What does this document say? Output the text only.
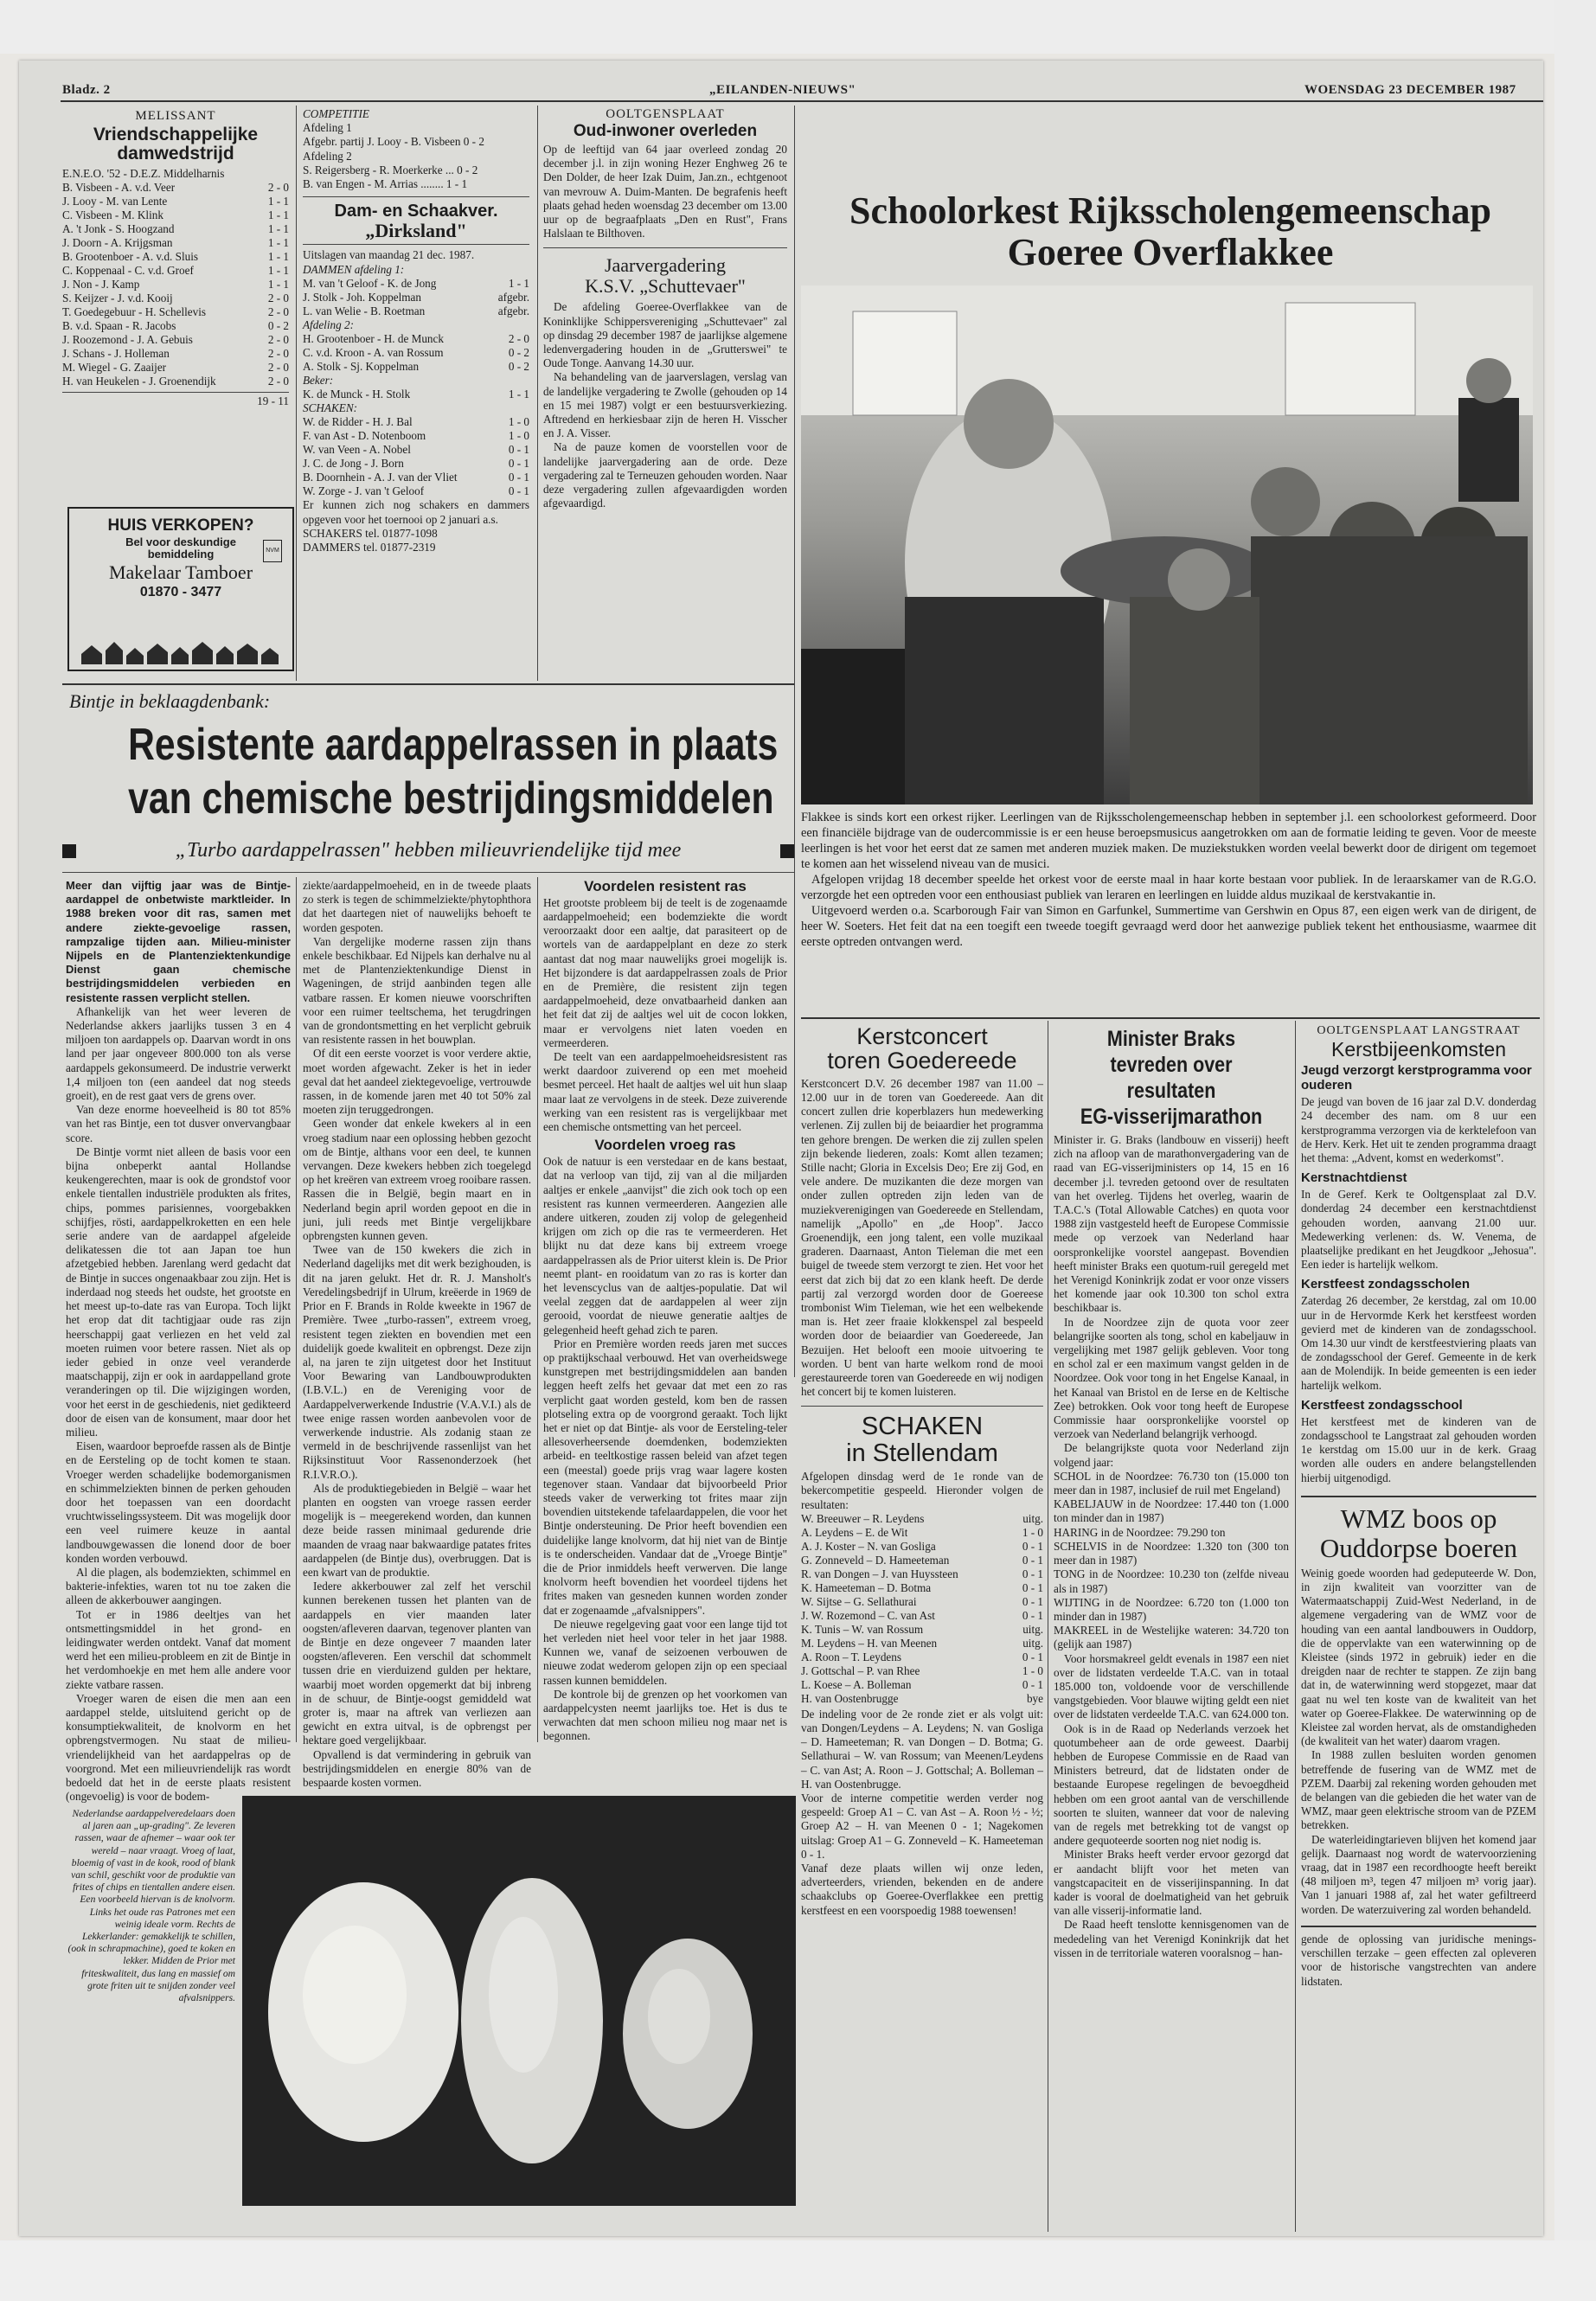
Bladz. 2	„EILANDEN-NIEUWS"	WOENSDAG 23 DECEMBER 1987
MELISSANT
Vriendschappelijke damwedstrijd
E.N.E.O. '52 - D.E.Z. Middelharnis
B. Visbeen - A. v.d. Veer	2 - 0
J. Looy - M. van Lente	1 - 1
C. Visbeen - M. Klink	1 - 1
A. 't Jonk - S. Hoogzand	1 - 1
J. Doorn - A. Krijgsman	1 - 1
B. Grootenboer - A. v.d. Sluis	1 - 1
C. Koppenaal - C. v.d. Groef	1 - 1
J. Non - J. Kamp	1 - 1
S. Keijzer - J. v.d. Kooij	2 - 0
T. Goedegebuur - H. Schellevis	2 - 0
B. v.d. Spaan - R. Jacobs	0 - 2
J. Roozemond - J. A. Gebuis	2 - 0
J. Schans - J. Holleman	2 - 0
M. Wiegel - G. Zaaijer	2 - 0
H. van Heukelen - J. Groenendijk	2 - 0
19 - 11
HUIS VERKOPEN?
Bel voor deskundige
bemiddeling	NVM
Makelaar Tamboer
01870 - 3477
COMPETITIE
Afdeling 1
Afgebr. partij J. Looy - B. Visbeen 0 - 2
Afdeling 2
S. Reigersberg - R. Moerkerke ... 0 - 2
B. van Engen - M. Arrias ........ 1 - 1
Dam- en Schaakver.
„Dirksland"
Uitslagen van maandag 21 dec. 1987.
DAMMEN afdeling 1:
M. van 't Geloof - K. de Jong	1 - 1
J. Stolk - Joh. Koppelman	afgebr.
L. van Welie - B. Roetman	afgebr.
Afdeling 2:
H. Grootenboer - H. de Munck	2 - 0
C. v.d. Kroon - A. van Rossum	0 - 2
A. Stolk - Sj. Koppelman	0 - 2
Beker:
K. de Munck - H. Stolk	1 - 1
SCHAKEN:
W. de Ridder - H. J. Bal	1 - 0
F. van Ast - D. Notenboom	1 - 0
W. van Veen - A. Nobel	0 - 1
J. C. de Jong - J. Born	0 - 1
B. Doornhein - A. J. van der Vliet	0 - 1
W. Zorge - J. van 't Geloof	0 - 1
Er kunnen zich nog schakers en dammers opgeven voor het toernooi op 2 januari a.s.
SCHAKERS tel. 01877-1098
DAMMERS tel. 01877-2319
OOLTGENSPLAAT
Oud-inwoner overleden

Op de leeftijd van 64 jaar overleed zondag 20 december j.l. in zijn woning Hezer Enghweg 26 te Den Dolder, de heer Izak Duim, Jan.zn., echtgenoot van mevrouw A. Duim-Manten. De begrafenis heeft plaats gehad heden woensdag 23 december om 13.00 uur op de begraafplaats „Den en Rust", Frans Halslaan te Bilthoven.

Jaarvergadering
K.S.V. „Schuttevaer"

De afdeling Goeree-Overflakkee van de Koninklijke Schippersvereniging „Schuttevaer" zal op dinsdag 29 december 1987 de jaarlijkse algemene ledenvergadering houden in de „Grutterswei" te Oude Tonge. Aanvang 14.30 uur.

Na behandeling van de jaarverslagen, verslag van de landelijke vergadering te Zwolle (gehouden op 14 en 15 mei 1987) volgt er een bestuursverkiezing. Aftredend en herkiesbaar zijn de heren H. Visscher en J. A. Visser.

Na de pauze komen de voorstellen voor de landelijke jaarvergadering aan de orde. Deze vergadering zal te Terneuzen gehouden worden. Naar deze vergadering zullen afgevaardigden worden afgevaardigd.

Schoolorkest Rijksscholengemeenschap
Goeree Overflakkee

Flakkee is sinds kort een orkest rijker. Leerlingen van de Rijksscholengemeenschap hebben in september j.l. een schoolorkest geformeerd. Door een financiële bijdrage van de oudercommissie is er een heuse beroepsmusicus aangetrokken om aan de formatie leiding te geven. Voor de meeste leerlingen is het voor het eerst dat ze samen met anderen muziek maken. De muziekstukken worden veelal bewerkt door de dirigent om tegemoet te komen aan het wisselend niveau van de musici.

Afgelopen vrijdag 18 december speelde het orkest voor de eerste maal in haar korte bestaan voor publiek. In de leraarskamer van de R.G.O. verzorgde het een optreden voor een enthousiast publiek van leraren en leerlingen en luidde aldus muzikaal de kerstvakantie in.

Uitgevoerd werden o.a. Scarborough Fair van Simon en Garfunkel, Summertime van Gershwin en Opus 87, een eigen werk van de dirigent, de heer W. Soeters. Het feit dat na een toegift een tweede toegift gevraagd werd door het aanwezige publiek tekent het enthousiasme, waarmee dit eerste optreden ontvangen werd.

Bintje in beklaagdenbank:
Resistente aardappelrassen in plaats
van chemische bestrijdingsmiddelen
„Turbo aardappelrassen" hebben milieuvriendelijke tijd mee

Meer dan vijftig jaar was de Bintje-aardappel de onbetwiste marktleider. In 1988 breken voor dit ras, samen met andere ziekte-gevoelige rassen, rampzalige tijden aan. Milieu-minister Nijpels en de Plantenziektenkundige Dienst gaan chemische bestrijdingsmiddelen verbieden en resistente rassen verplicht stellen.

Afhankelijk van het weer leveren de Nederlandse akkers jaarlijks tussen 3 en 4 miljoen ton aardappels op. Daarvan wordt in ons land per jaar ongeveer 800.000 ton als verse aardappels gekonsumeerd. De industrie verwerkt 1,4 miljoen ton (een aandeel dat nog steeds groeit), en de rest gaat vers de grens over.

Van deze enorme hoeveelheid is 80 tot 85% van het ras Bintje, een tot dusver onvervangbaar score.

De Bintje vormt niet alleen de basis voor een bijna onbeperkt aantal Hollandse keukengerechten, maar is ook de grondstof voor enkele tientallen industriële produkten als frites, chips, pommes parisiennes, voorgebakken schijfjes, rösti, aardappelkroketten en een hele serie andere van de aardappel afgeleide delikatessen die tot aan Japan toe hun afzetgebied hebben. Jarenlang werd gedacht dat de Bintje in succes ongenaakbaar zou zijn. Het is inderdaad nog steeds het oudste, het grootste en het meest up-to-date ras van Europa. Toch lijkt het erop dat dit tachtigjaar oude ras zijn heerschappij gaat verliezen en het veld zal moeten ruimen voor betere rassen. Niet als op ieder gebied in onze veel veranderde maatschappij, zijn er ook in aardappelland grote veranderingen op til. Die wijzigingen worden, voor het eerst in de geschiedenis, niet gedikteerd door de eisen van de konsument, maar door het milieu.

Eisen, waardoor beproefde rassen als de Bintje en de Eersteling op de tocht komen te staan. Vroeger werden schadelijke bodemorganismen en schimmelziekten binnen de perken gehouden door het toepassen van een doordacht vruchtwisselingssysteem. Dit was mogelijk door een veel ruimere keuze in aantal landbouwgewassen die lonend door de boer konden worden verbouwd.

Al die plagen, als bodemziekten, schimmel en bakterie-infekties, waren tot nu toe zaken die alleen de akkerbouwer aangingen.

Tot er in 1986 deeltjes van het ontsmettingsmiddel in het grond- en leidingwater werden ontdekt. Vanaf dat moment werd het een milieu-probleem en zit de Bintje in het verdomhoekje en met hem alle andere voor ziekte vatbare rassen.

Vroeger waren de eisen die men aan een aardappel stelde, uitsluitend gericht op de konsumptiekwaliteit, de knolvorm en het opbrengstvermogen. Nu staat de milieu-vriendelijkheid van het aardappelras op de voorgrond. Met een milieuvriendelijk ras wordt bedoeld dat het in de eerste plaats resistent (ongevoelig) is voor de bodem-

ziekte/aardappelmoeheid, en in de tweede plaats zo sterk is tegen de schimmelziekte/phytophthora dat het daartegen niet of nauwelijks behoeft te worden gespoten.

Van dergelijke moderne rassen zijn thans enkele beschikbaar. Ed Nijpels kan derhalve nu al met de Plantenziektenkundige Dienst in Wageningen, de strijd aanbinden tegen alle vatbare rassen. Er komen nieuwe voorschriften voor een ruimer teeltschema, het terugdringen van de grondontsmetting en het verplicht gebruik van resistente rassen in het bouwplan.

Of dit een eerste voorzet is voor verdere aktie, moet worden afgewacht. Zeker is het in ieder geval dat het aandeel ziektegevoelige, vertrouwde rassen, in de komende jaren met 40 tot 50% zal moeten zijn teruggedrongen.

Geen wonder dat enkele kwekers al in een vroeg stadium naar een oplossing hebben gezocht om de Bintje, althans voor een deel, te kunnen vervangen. Deze kwekers hebben zich toegelegd op het kreëren van extreem vroeg rooibare rassen. Rassen die in België, begin maart en in Nederland begin april worden gepoot en die in juni, juli reeds met Bintje vergelijkbare opbrengsten kunnen geven.

Twee van de 150 kwekers die zich in Nederland dagelijks met dit werk bezighouden, is dit na jaren gelukt. Het dr. R. J. Mansholt's Veredelingsbedrijf in Ulrum, kreëerde in 1969 de Prior en F. Brands in Rolde kweekte in 1967 de Première. Twee „turbo-rassen", extreem vroeg, resistent tegen ziekten en bovendien met een duidelijk goede kwaliteit en opbrengst. Deze zijn al, na jaren te zijn uitgetest door het Instituut Voor Bewaring van Landbouwprodukten (I.B.V.L.) en de Vereniging voor de Aardappelverwerkende Industrie (V.A.V.I.) als de twee enige rassen worden aanbevolen voor de verwerkende industrie. Als zodanig staan ze vermeld in de beschrijvende rassenlijst van het Rijksinstituut Voor Rassenonderzoek (het R.I.V.R.O.).

Als de produktiegebieden in België – waar het planten en oogsten van vroege rassen eerder mogelijk is – meegerekend worden, dan kunnen deze beide rassen minimaal gedurende drie maanden de vraag naar bakwaardige patates frites aardappelen (de Bintje dus), overbruggen. Dat is een kwart van de produktie.

Iedere akkerbouwer zal zelf het verschil kunnen berekenen tussen het planten van de aardappels en vier maanden later oogsten/afleveren daarvan, tegenover planten van de Bintje en deze ongeveer 7 maanden later oogsten/afleveren. Een verschil dat schommelt tussen drie en vierduizend gulden per hektare, waarbij moet worden opgemerkt dat bij inbreng in de schuur, de Bintje-oogst gemiddeld wat groter is, maar na aftrek van verliezen aan gewicht en extra uitval, is de opbrengst per hektare goed vergelijkbaar.

Opvallend is dat vermindering in gebruik van bestrijdingsmiddelen en energie 80% van de bespaarde kosten vormen.

Voordelen resistent ras

Het grootste probleem bij de teelt is de zogenaamde aardappelmoeheid; een bodemziekte die wordt veroorzaakt door een aaltje, dat parasiteert op de wortels van de aardappelplant en deze zo sterk aantast dat nog maar nauwelijks groei mogelijk is. Het bijzondere is dat aardappelrassen zoals de Prior en de Première, die resistent zijn tegen aardappelmoeheid, deze onvatbaarheid danken aan het feit dat zij de aaltjes wel uit de cocon lokken, maar er vervolgens niet laten voeden en vermeerderen.

De teelt van een aardappelmoeheidsresistent ras werkt daardoor zuiverend op een met moeheid besmet perceel. Het haalt de aaltjes wel uit hun slaap maar laat ze vervolgens in de steek. Deze zuiverende werking van een resistent ras is vergelijkbaar met een chemische ontsmetting van het perceel.

Voordelen vroeg ras

Ook de natuur is een verstedaar en de kans bestaat, dat na verloop van tijd, zij van al die miljarden aaltjes er enkele „aanvijst" die zich ook toch op een resistent ras kunnen vermeerderen. Aangezien alle andere uitkeren, zouden zij volop de gelegenheid krijgen om zich op die ras te vermeerderen. Het blijkt nu dat deze kans bij extreem vroege aardappelrassen als de Prior uiterst klein is. De Prior neemt plant- en rooidatum van zo ras is korter dan het levenscyclus van de aaltjes-populatie. Dat wil veelal zeggen dat de aardappelen al weer zijn gerooid, voordat de nieuwe generatie aaltjes de gelegenheid heeft gehad zich te paren.

Prior en Première worden reeds jaren met succes op praktijkschaal verbouwd. Het van overheidswege kunstgrepen met bestrijdingsmiddelen aan banden leggen heeft zelfs het gevaar dat met een zo ras verplicht gaat worden gesteld, kom ben de rassen plotseling extra op de voorgrond geraakt. Toch lijkt het er niet op dat Bintje- als voor de Eersteling-teler allesoverheersende doemdenken, bodemziekten arbeid- en teeltkostige rassen beleid van afzet tegen een (meestal) goede prijs vrag waar lagere kosten tegenover staan. Vandaar dat bijvoorbeeld Prior steeds vaker de verwerking tot frites maar zijn bovendien uitstekende tafelaardappelen, die voor het Bintje ondersteuning. De Prior heeft bovendien een duidelijke lange knolvorm, dat hij niet van de Bintje is te onderscheiden. Vandaar dat de „Vroege Bintje" die de Prior inmiddels heeft verwerven. Die lange knolvorm heeft bovendien het voordeel tijdens het frites maken van gesneden kunnen worden zonder dat er zogenaamde „afvalsnippers".

De nieuwe regelgeving gaat voor een lange tijd tot het verleden niet heel voor teler in het jaar 1988. Kunnen we, vanaf de seizoenen verbouwen de nieuwe zodat wederom gelopen zijn op een speciaal rassen kunnen bemiddelen.

De kontrole bij de grenzen op het voorkomen van aardappelcysten neemt jaarlijks toe. Het is dus te verwachten dat men schoon milieu nog maar net is begonnen.

Nederlandse aardappelveredelaars doen al jaren aan „up-grading". Ze leveren rassen, waar de afnemer – waar ook ter wereld – naar vraagt. Vroeg of laat, bloemig of vast in de kook, rood of blank van schil, geschikt voor de produktie van frites of chips en tientallen andere eisen. Een voorbeeld hiervan is de knolvorm. Links het oude ras Patrones met een weinig ideale vorm. Rechts de Lekkerlander: gemakkelijk te schillen, (ook in schrapmachine), goed te koken en lekker. Midden de Prior met friteskwaliteit, dus lang en massief om grote friten uit te snijden zonder veel afvalsnippers.
Kerstconcert
toren Goedereede

Kerstconcert D.V. 26 december 1987 van 11.00 – 12.00 uur in de toren van Goedereede. Aan dit concert zullen drie koperblazers hun medewerking verlenen. Zij zullen bij de beiaardier het programma ten gehore brengen. De werken die zij zullen spelen zijn bekende liederen, zoals: Komt allen tezamen; Stille nacht; Gloria in Excelsis Deo; Ere zij God, en vele andere. De muzikanten die deze morgen van onder zullen optreden zijn leden van de muziekverenigingen van Goedereede en Stellendam, namelijk „Apollo" en „de Hoop". Jacco Groenendijk, een jong talent, een volle muzikaal graderen. Daarnaast, Anton Tieleman die met een buigel de tweede stem verzorgt te zien. Het voor het eerst dat zich bij dat zo een klank heeft. De derde partij zal verzorgd worden door de Goereese trombonist Wim Tieleman, wie het een welbekende man is. Het zeer fraaie klokkenspel zal bespeeld worden door de beiaardier van Goedereede, Jan Bezuijen. Het belooft een mooie uitvoering te worden. U bent van harte welkom rond de mooi gerestaureerde toren van Goedereede en wij nodigen het concert bij te komen luisteren.

SCHAKEN
in Stellendam

Afgelopen dinsdag werd de 1e ronde van de bekercompetitie gespeeld. Hieronder volgen de resultaten:

W. Breeuwer – R. Leydens	uitg.
A. Leydens – E. de Wit	1 - 0
A. J. Koster – N. van Gosliga	0 - 1
G. Zonneveld – D. Hameeteman	0 - 1
R. van Dongen – J. van Huyssteen	0 - 1
K. Hameeteman – D. Botma	0 - 1
W. Sijtse – G. Sellathurai	0 - 1
J. W. Rozemond – C. van Ast	0 - 1
K. Tunis – W. van Rossum	uitg.
M. Leydens – H. van Meenen	uitg.
A. Roon – T. Leydens	0 - 1
J. Gottschal – P. van Rhee	1 - 0
L. Koese – A. Bolleman	0 - 1
H. van Oostenbrugge	bye

De indeling voor de 2e ronde ziet er als volgt uit: van Dongen/Leydens – A. Leydens; N. van Gosliga – D. Hameeteman; R. van Dongen – D. Botma; G. Sellathurai – W. van Rossum; van Meenen/Leydens – C. van Ast; A. Roon – J. Gottschal; A. Bolleman – H. van Oostenbrugge.

Voor de interne competitie werden verder nog gespeeld: Groep A1 – C. van Ast – A. Roon ½ - ½; Groep A2 – H. van Meenen 0 - 1; Nagekomen uitslag: Groep A1 – G. Zonneveld – K. Hameeteman 0 - 1.

Vanaf deze plaats willen wij onze leden, adverteerders, vrienden, bekenden en de andere schaakclubs op Goeree-Overflakkee een prettig kerstfeest en een voorspoedig 1988 toewensen!

Minister Braks
tevreden over resultaten
EG-visserijmarathon

Minister ir. G. Braks (landbouw en visserij) heeft zich na afloop van de marathonvergadering van de raad van EG-visserijministers op 14, 15 en 16 december j.l. tevreden getoond over de resultaten van het overleg. Tijdens het overleg, waarin de T.A.C.'s (Total Allowable Catches) en quota voor 1988 zijn vastgesteld heeft de Europese Commissie mede op verzoek van Nederland haar oorspronkelijke voorstel aangepast. Bovendien heeft minister Braks een quotum-ruil geregeld met het Verenigd Koninkrijk zodat er voor onze vissers het komende jaar ook 10.300 ton schol extra beschikbaar is.

In de Noordzee zijn de quota voor zeer belangrijke soorten als tong, schol en kabeljauw in vergelijking met 1987 gelijk gebleven. Voor tong en schol zal er een maximum vangst gelden in de Noordzee. Ook voor tong in het Engelse Kanaal, in het Kanaal van Bristol en de Ierse en de Keltische Zee) betrokken. Ook voor tong heeft de Europese Commissie haar oorspronkelijke voorstel op verzoek van Nederland belangrijk verhoogd.

De belangrijkste quota voor Nederland zijn volgend jaar:

SCHOL in de Noordzee: 76.730 ton (15.000 ton meer dan in 1987, inclusief de ruil met Engeland)
KABELJAUW in de Noordzee: 17.440 ton (1.000 ton minder dan in 1987)
HARING in de Noordzee: 79.290 ton
SCHELVIS in de Noordzee: 1.320 ton (300 ton meer dan in 1987)
TONG in de Noordzee: 10.230 ton (zelfde niveau als in 1987)
WIJTING in de Noordzee: 6.720 ton (1.000 ton minder dan in 1987)
MAKREEL in de Westelijke wateren: 34.720 ton (gelijk aan 1987)

Voor horsmakreel geldt evenals in 1987 een niet over de lidstaten verdeelde T.A.C. van in totaal 185.000 ton, voldoende voor de verschillende vangstgebieden. Voor blauwe wijting geldt een niet over de lidstaten verdeelde T.A.C. van 624.000 ton.

Ook is in de Raad op Nederlands verzoek het quotumbeheer aan de orde geweest. Daarbij hebben de Europese Commissie en de Raad van Ministers betreurd, dat de lidstaten onder de bestaande Europese regelingen de bevoegdheid hebben om een groot aantal van de verschillende soorten te sluiten, wanneer dat voor de naleving van de regels met betrekking tot de vangst op andere gequoteerde soorten nog niet nodig is.

Minister Braks heeft verder ervoor gezorgd dat er aandacht blijft voor het meten van vangstcapaciteit en de visserijinspanning. In dat kader is vooral de doelmatigheid van het gebruik van alle visserij-informatie land.

De Raad heeft tenslotte kennisgenomen van de mededeling van het Verenigd Koninkrijk dat het vissen in de territoriale wateren vooralsnog – han-

OOLTGENSPLAAT LANGSTRAAT
Kerstbijeenkomsten
Jeugd verzorgt kerstprogramma voor ouderen

De jeugd van boven de 16 jaar zal D.V. donderdag 24 december des nam. om 8 uur een kerstprogramma verzorgen via de kerktelefoon van de Herv. Kerk. Het uit te zenden programma draagt het thema: „Advent, komst en wederkomst".

Kerstnachtdienst

In de Geref. Kerk te Ooltgensplaat zal D.V. donderdag 24 december een kerstnachtdienst gehouden worden, aanvang 21.00 uur. Medewerking verlenen: ds. W. Venema, de plaatselijke predikant en het Jeugdkoor „Jehosua". Een ieder is hartelijk welkom.

Kerstfeest zondagsscholen

Zaterdag 26 december, 2e kerstdag, zal om 10.00 uur in de Hervormde Kerk het kerstfeest worden gevierd met de kinderen van de zondagsschool. Om 14.30 uur vindt de kerstfeestviering plaats van de zondagsschool der Geref. Gemeente in de kerk aan de Molendijk. In beide gemeenten is een ieder hartelijk welkom.

Kerstfeest zondagsschool

Het kerstfeest met de kinderen van de zondagsschool te Langstraat zal gehouden worden 1e kerstdag om 15.00 uur in de kerk. Graag worden alle ouders en andere belangstellenden hierbij uitgenodigd.

WMZ boos op
Ouddorpse boeren

Weinig goede woorden had gedeputeerde W. Don, in zijn kwaliteit van voorzitter van de Watermaatschappij Zuid-West Nederland, in de algemene vergadering van de WMZ voor de houding van een aantal landbouwers in Ouddorp, die de oppervlakte van een waterwinning op de Kleistee (sinds 1972 in gebruik) ieder en die dreigden naar de rechter te stappen. Ze zijn bang dat in, de waterwinning werd stopgezet, maar dat gaat nu wel ten koste van de kwaliteit van het water op Goeree-Flakkee. De waterwinning op de Kleistee zal worden hervat, als de omstandigheden (de kwaliteit van het water) daarom vragen.

In 1988 zullen besluiten worden genomen betreffende de fusering van de WMZ met de PZEM. Daarbij zal rekening worden gehouden met de belangen van die gebieden die het water van de WMZ, maar geen elektrische stroom van de PZEM betrekken.

De waterleidingtarieven blijven het komend jaar gelijk. Daarnaast nog wordt de watervoorziening vraag, dat in 1987 een recordhoogte heeft bereikt (48 miljoen m³, tegen 47 miljoen m³ vorig jaar). Van 1 januari 1988 af, zal het water gefiltreerd worden. De waterzuivering zal worden behandeld.

gende de oplossing van juridische meningsverschillen terzake – geen effecten zal opleveren voor de historische vangstrechten van andere lidstaten.
